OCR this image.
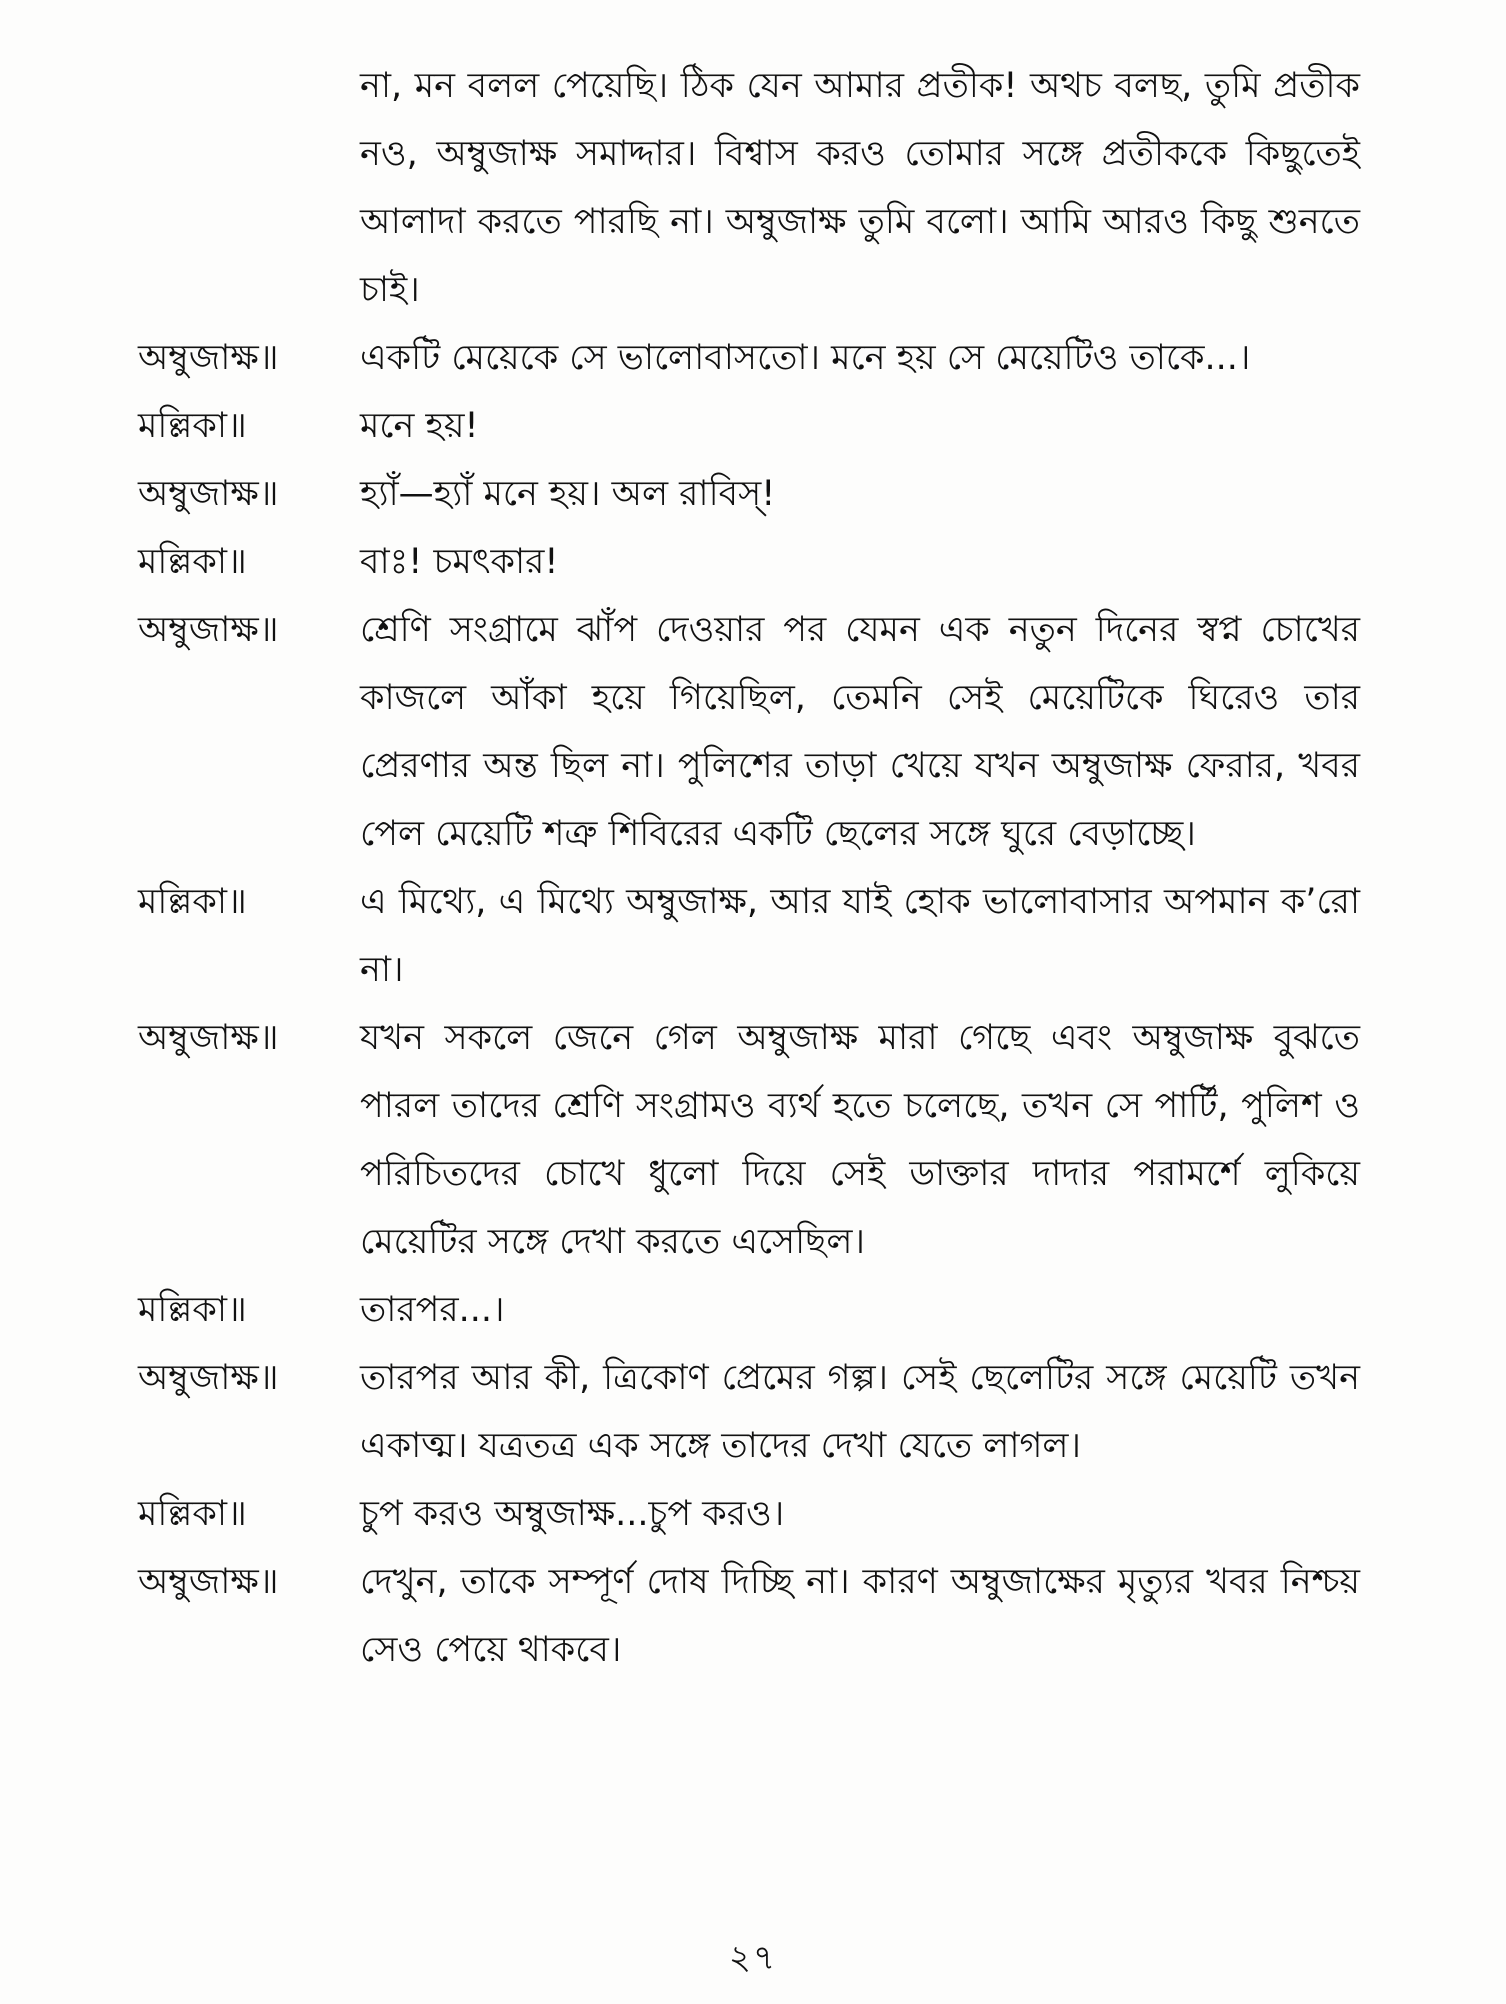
না, মন বলল পেয়েছি। ঠিক যেন আমার প্রতীক! অথচ বলছ, তুমি প্রতীক নও, অম্বুজাক্ষ সমাদ্দার। বিশ্বাস করও তোমার সঙ্গে প্রতীককে কিছুতেই আলাদা করতে পারছি না। অম্বুজাক্ষ তুমি বলো। আমি আরও কিছু শুনতে চাই।
অম্বুজাক্ষ॥	একটি মেয়েকে সে ভালোবাসতো। মনে হয় সে মেয়েটিও তাকে...।
মল্লিকা॥	মনে হয়!
অম্বুজাক্ষ॥	হ্যাঁ—হ্যাঁ মনে হয়। অল রাবিস্!
মল্লিকা॥	বাঃ! চমৎকার!
অম্বুজাক্ষ॥	শ্রেণি সংগ্রামে ঝাঁপ দেওয়ার পর যেমন এক নতুন দিনের স্বপ্ন চোখের কাজলে আঁকা হয়ে গিয়েছিল, তেমনি সেই মেয়েটিকে ঘিরেও তার প্রেরণার অন্ত ছিল না। পুলিশের তাড়া খেয়ে যখন অম্বুজাক্ষ ফেরার, খবর পেল মেয়েটি শত্রু শিবিরের একটি ছেলের সঙ্গে ঘুরে বেড়াচ্ছে।
মল্লিকা॥	এ মিথ্যে, এ মিথ্যে অম্বুজাক্ষ, আর যাই হোক ভালোবাসার অপমান ক’রো না।
অম্বুজাক্ষ॥	যখন সকলে জেনে গেল অম্বুজাক্ষ মারা গেছে এবং অম্বুজাক্ষ বুঝতে পারল তাদের শ্রেণি সংগ্রামও ব্যর্থ হতে চলেছে, তখন সে পার্টি, পুলিশ ও পরিচিতদের চোখে ধুলো দিয়ে সেই ডাক্তার দাদার পরামর্শে লুকিয়ে মেয়েটির সঙ্গে দেখা করতে এসেছিল।
মল্লিকা॥	তারপর...।
অম্বুজাক্ষ॥	তারপর আর কী, ত্রিকোণ প্রেমের গল্প। সেই ছেলেটির সঙ্গে মেয়েটি তখন একাত্ম। যত্রতত্র এক সঙ্গে তাদের দেখা যেতে লাগল।
মল্লিকা॥	চুপ করও অম্বুজাক্ষ...চুপ করও।
অম্বুজাক্ষ॥	দেখুন, তাকে সম্পূর্ণ দোষ দিচ্ছি না। কারণ অম্বুজাক্ষের মৃত্যুর খবর নিশ্চয় সেও পেয়ে থাকবে।
২৭
